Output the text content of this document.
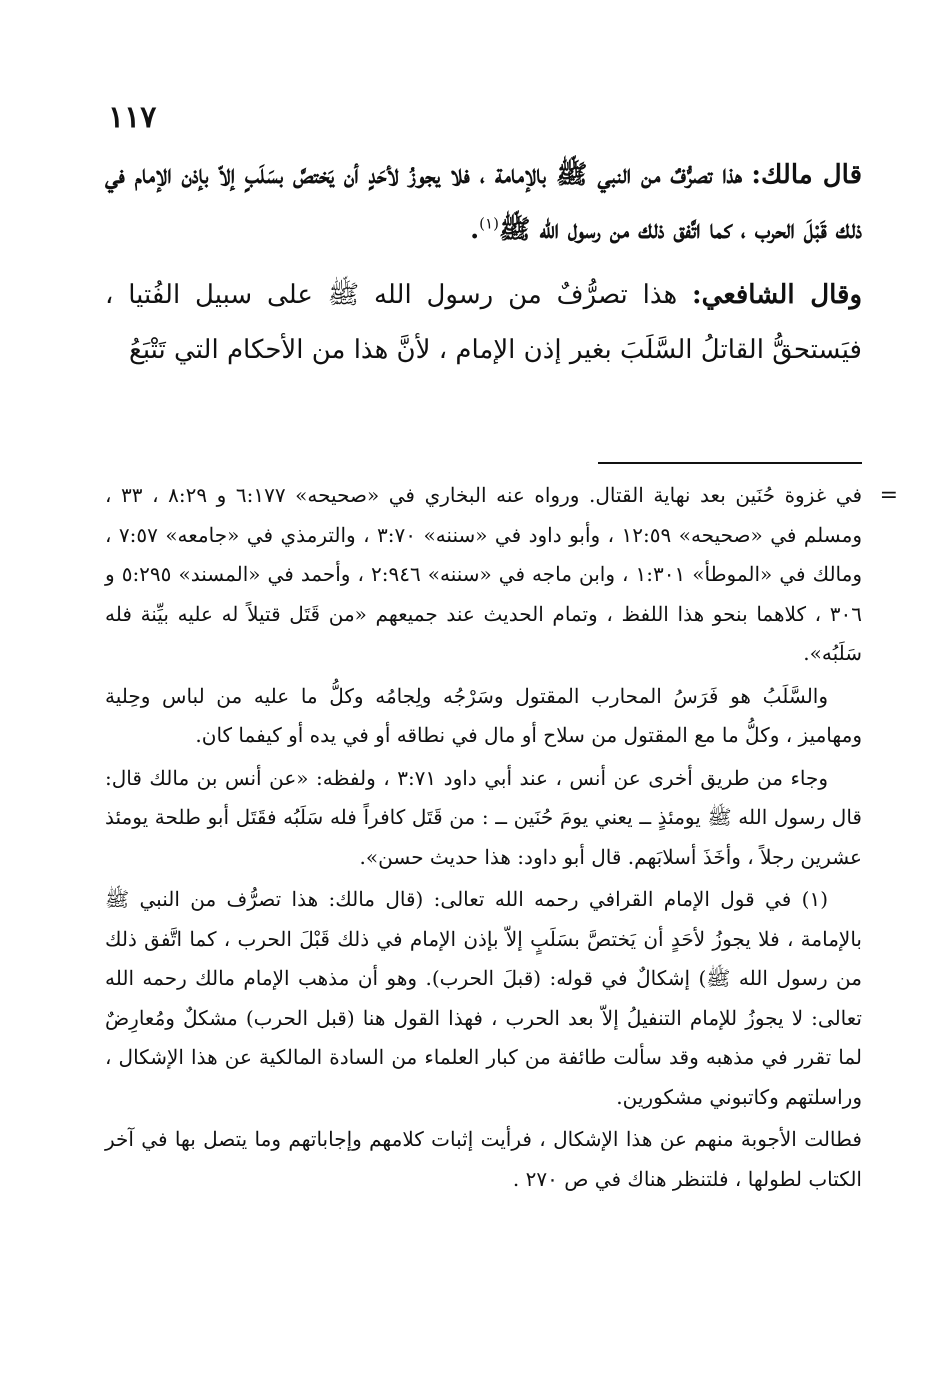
١١٧

قال مالك: هذا تصرُّفٌ من النبي ﷺ بالإمامة ، فلا يجوزُ لأحَدٍ أن يَختصَّ بسَلَبٍ إلاّ بإذن الإمام في ذلك قَبْلَ الحرب ، كما اتَّفق ذلك من رسول الله ﷺ$^{(١)}$.

وقال الشافعي: هذا تصرُّفٌ من رسول الله ﷺ على سبيل الفُتيا ، فيَستحقُّ القاتلُ السَّلَبَ بغير إذن الإمام ، لأنَّ هذا من الأحكام التي تَتْبَعُ

=
في غزوة حُنَين بعد نهاية القتال. ورواه عنه البخاري في «صحيحه» ٦:١٧٧ و ٨:٢٩ ، ٣٣ ، ومسلم في «صحيحه» ١٢:٥٩ ، وأبو داود في «سننه» ٣:٧٠ ، والترمذي في «جامعه» ٧:٥٧ ، ومالك في «الموطأ» ١:٣٠١ ، وابن ماجه في «سننه» ٢:٩٤٦ ، وأحمد في «المسند» ٥:٢٩٥ و ٣٠٦ ، كلاهما بنحو هذا اللفظ ، وتمام الحديث عند جميعهم «من قَتَل قتيلاً له عليه بيِّنة فله سَلَبُه».

والسَّلَبُ هو فَرَسُ المحارب المقتول وسَرْجُه ولِجامُه وكلُّ ما عليه من لباس وحِلية ومهاميز ، وكلُّ ما مع المقتول من سلاح أو مال في نطاقه أو في يده أو كيفما كان.

وجاء من طريق أخرى عن أنس ، عند أبي داود ٣:٧١ ، ولفظه: «عن أنس بن مالك قال: قال رسول الله ﷺ يومئذٍ ــ يعني يومَ حُنَين ــ : من قَتَل كافراً فله سَلَبُه فقَتَل أبو طلحة يومئذ عشرين رجلاً ، وأخَذَ أسلابَهم. قال أبو داود: هذا حديث حسن».

(١) في قول الإمام القرافي رحمه الله تعالى: (قال مالك: هذا تصرُّف من النبي ﷺ بالإمامة ، فلا يجوزُ لأحَدٍ أن يَختصَّ بسَلَبٍ إلاّ بإذن الإمام في ذلك قَبْلَ الحرب ، كما اتَّفق ذلك من رسول الله ﷺ) إشكالٌ في قوله: (قبلَ الحرب). وهو أن مذهب الإمام مالك رحمه الله تعالى: لا يجوزُ للإمام التنفيلُ إلاّ بعد الحرب ، فهذا القول هنا (قبل الحرب) مشكلٌ ومُعارِضٌ لما تقرر في مذهبه وقد سألت طائفة من كبار العلماء من السادة المالكية عن هذا الإشكال ، وراسلتهم وكاتبوني مشكورين.

فطالت الأجوبة منهم عن هذا الإشكال ، فرأيت إثبات كلامهم وإجاباتهم وما يتصل بها في آخر الكتاب لطولها ، فلتنظر هناك في ص ٢٧٠ .
